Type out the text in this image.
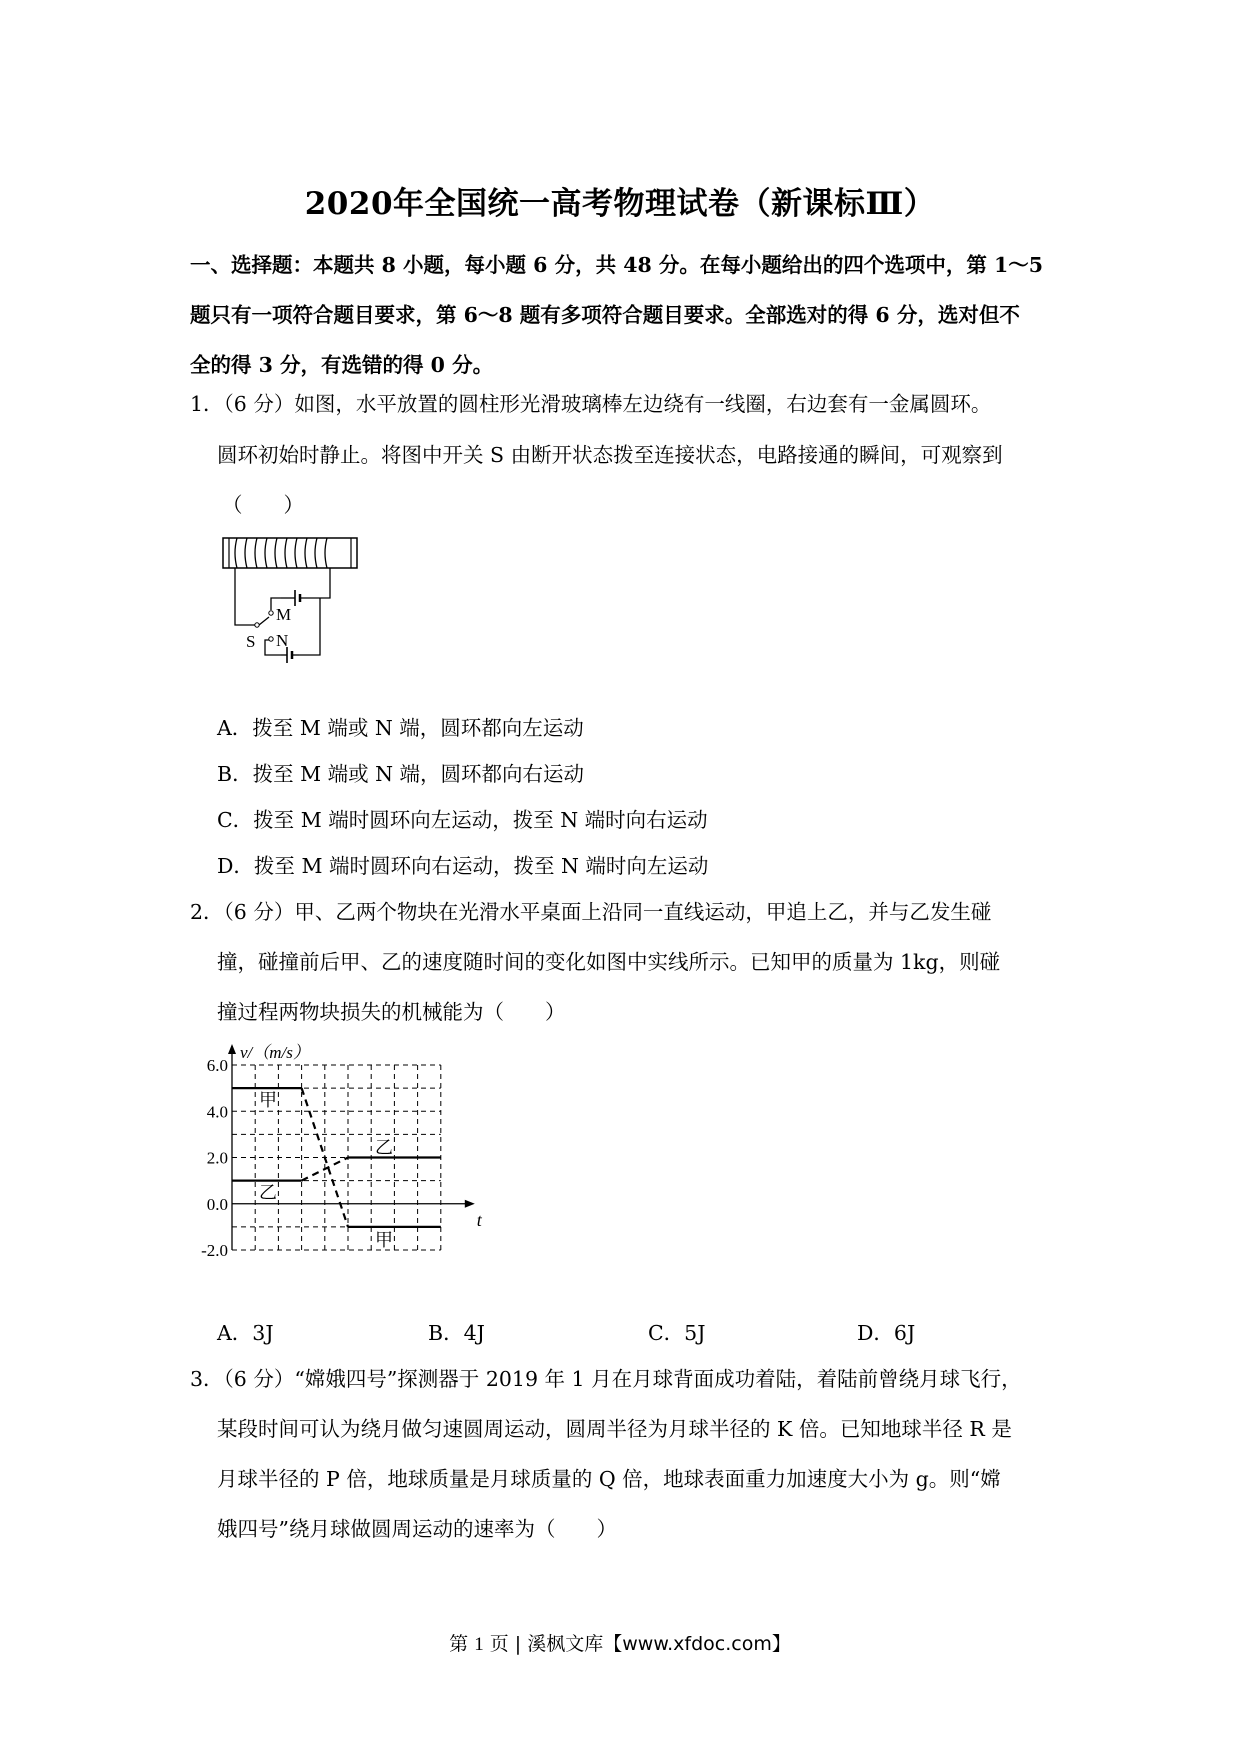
2020年全国统一高考物理试卷（新课标Ⅲ）

一、选择题：本题共 8 小题，每小题 6 分，共 48 分。在每小题给出的四个选项中，第 1～5

题只有一项符合题目要求，第 6～8 题有多项符合题目要求。全部选对的得 6 分，选对但不

全的得 3 分，有选错的得 0 分。

1．（6 分）如图，水平放置的圆柱形光滑玻璃棒左边绕有一线圈，右边套有一金属圆环。
圆环初始时静止。将图中开关 S 由断开状态拨至连接状态，电路接通的瞬间，可观察到
（　　）
M
N
S
A．拨至 M 端或 N 端，圆环都向左运动
B．拨至 M 端或 N 端，圆环都向右运动
C．拨至 M 端时圆环向左运动，拨至 N 端时向右运动
D．拨至 M 端时圆环向右运动，拨至 N 端时向左运动
2．（6 分）甲、乙两个物块在光滑水平桌面上沿同一直线运动，甲追上乙，并与乙发生碰
撞，碰撞前后甲、乙的速度随时间的变化如图中实线所示。已知甲的质量为 1kg，则碰
撞过程两物块损失的机械能为（　　）
6.0
4.0
2.0
0.0
-2.0
v/（m/s）
t
甲
甲
乙
乙
A．3J	B．4J	C．5J	D．6J
3．（6 分）“嫦娥四号”探测器于 2019 年 1 月在月球背面成功着陆，着陆前曾绕月球飞行，
某段时间可认为绕月做匀速圆周运动，圆周半径为月球半径的 K 倍。已知地球半径 R 是
月球半径的 P 倍，地球质量是月球质量的 Q 倍，地球表面重力加速度大小为 g。则“嫦
娥四号”绕月球做圆周运动的速率为（　　）
第 1 页 | 溪枫文库【www.xfdoc.com】
